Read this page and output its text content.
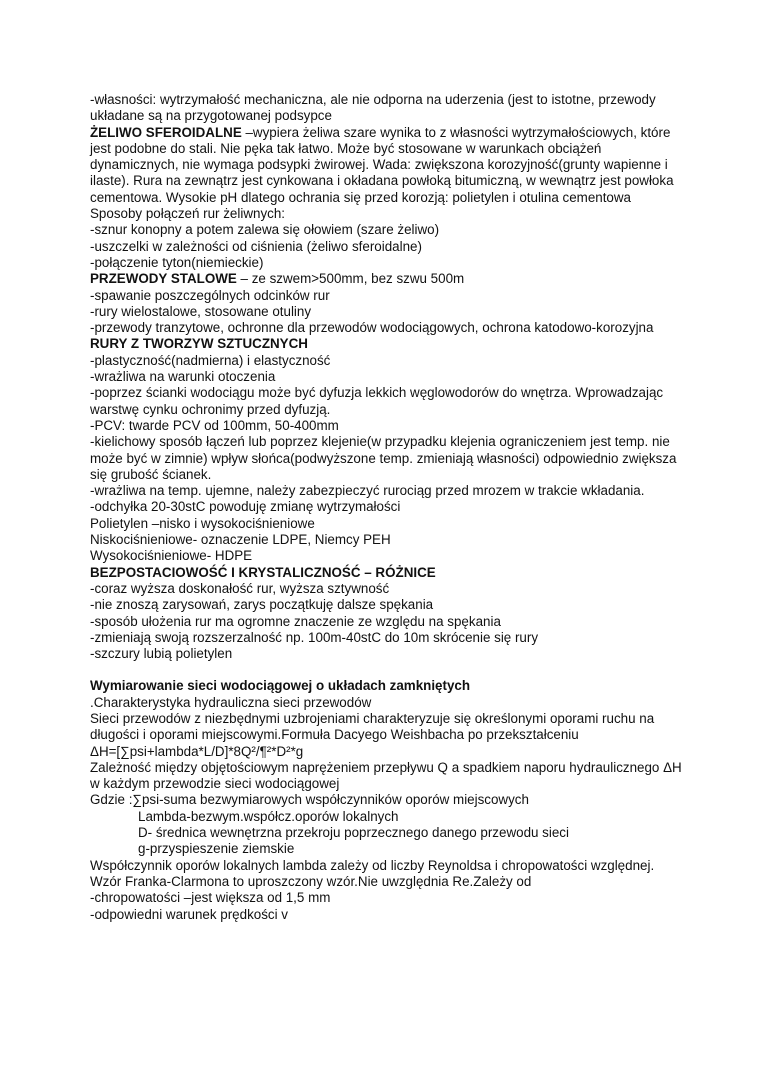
-własności: wytrzymałość mechaniczna, ale nie odporna na uderzenia (jest to istotne, przewody układane są na przygotowanej podsypce

ŻELIWO SFEROIDALNE –wypiera żeliwa szare wynika to z własności wytrzymałościowych, które jest podobne do stali. Nie pęka tak łatwo. Może być stosowane w warunkach obciążeń dynamicznych, nie wymaga podsypki żwirowej. Wada: zwiększona korozyjność(grunty wapienne i ilaste). Rura na zewnątrz jest cynkowana i okładana powłoką bitumiczną, w wewnątrz jest powłoka cementowa. Wysokie pH dlatego ochrania się przed korozją: polietylen i otulina cementowa

Sposoby połączeń rur żeliwnych:

-sznur konopny a potem zalewa się ołowiem (szare żeliwo)

-uszczelki w zależności od ciśnienia (żeliwo sferoidalne)

-połączenie tyton(niemieckie)

PRZEWODY STALOWE – ze szwem>500mm, bez szwu 500m

-spawanie poszczególnych odcinków rur

-rury wielostalowe, stosowane otuliny

-przewody tranzytowe, ochronne dla przewodów wodociągowych, ochrona katodowo-korozyjna

RURY Z TWORZYW SZTUCZNYCH

-plastyczność(nadmierna) i elastyczność

-wrażliwa na warunki otoczenia

-poprzez ścianki wodociągu może być dyfuzja lekkich węglowodorów do wnętrza. Wprowadzając warstwę cynku ochronimy przed dyfuzją.

-PCV: twarde PCV od 100mm, 50-400mm

-kielichowy sposób łączeń lub poprzez klejenie(w przypadku klejenia ograniczeniem jest temp. nie może być w zimnie) wpływ słońca(podwyższone temp. zmieniają własności) odpowiednio zwiększa się grubość ścianek.

-wrażliwa na temp. ujemne, należy zabezpieczyć rurociąg przed mrozem w trakcie wkładania.

-odchyłka 20-30stC powoduję zmianę wytrzymałości

Polietylen –nisko i wysokociśnieniowe

Niskociśnieniowe- oznaczenie LDPE, Niemcy PEH

Wysokociśnieniowe- HDPE

BEZPOSTACIOWOŚĆ I KRYSTALICZNOŚĆ – RÓŻNICE

-coraz wyższa doskonałość rur, wyższa sztywność

-nie znoszą zarysowań, zarys początkuję dalsze spękania

-sposób ułożenia rur ma ogromne znaczenie ze względu na spękania

-zmieniają swoją rozszerzalność np. 100m-40stC do 10m skrócenie się rury

-szczury lubią polietylen

Wymiarowanie sieci wodociągowej o układach zamkniętych

.Charakterystyka hydrauliczna sieci przewodów

Sieci przewodów z niezbędnymi uzbrojeniami charakteryzuje się określonymi oporami ruchu na długości i oporami miejscowymi.Formuła Dacyego Weishbacha po przekształceniu

ΔH=[∑psi+lambda*L/D]*8Q²/¶²*D²*g

Zależność między objętościowym naprężeniem przepływu Q a spadkiem naporu hydraulicznego ΔH w każdym przewodzie sieci wodociągowej

Gdzie :∑psi-suma bezwymiarowych współczynników oporów miejscowych

Lambda-bezwym.współcz.oporów lokalnych

D- średnica wewnętrzna przekroju poprzecznego danego przewodu sieci

g-przyspieszenie ziemskie

Współczynnik oporów lokalnych lambda zależy od liczby Reynoldsa i chropowatości względnej.

Wzór Franka-Clarmona to uproszczony wzór.Nie uwzględnia Re.Zależy od

-chropowatości –jest większa od 1,5 mm

-odpowiedni warunek prędkości v
